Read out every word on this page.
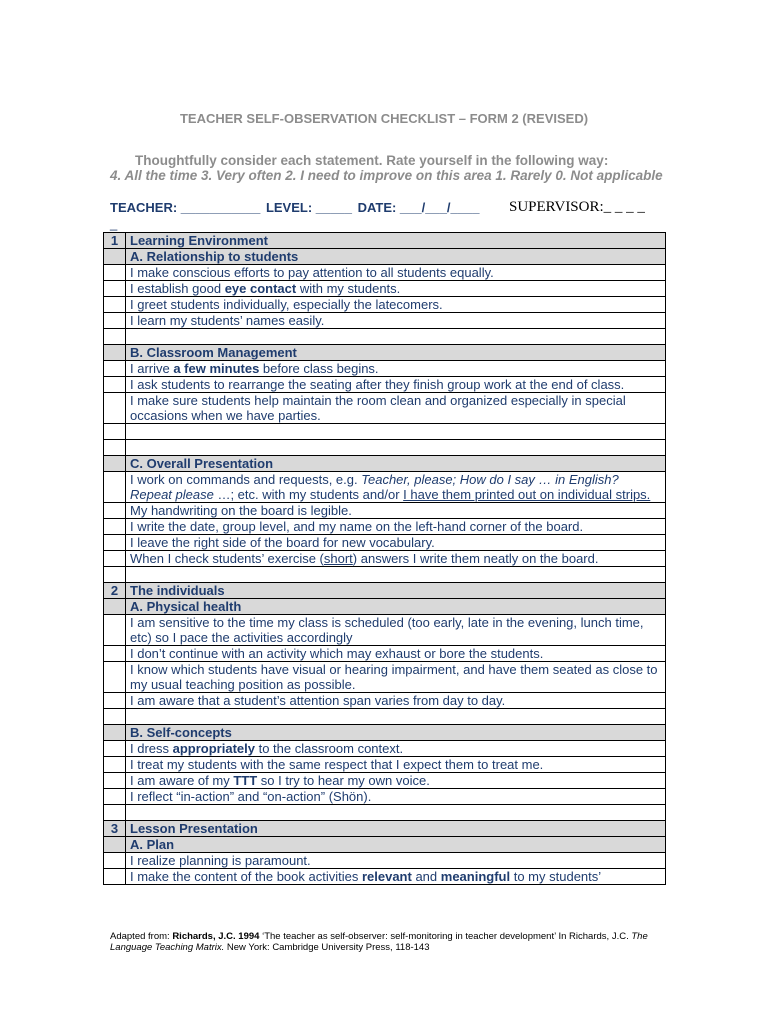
TEACHER SELF-OBSERVATION CHECKLIST – FORM 2 (REVISED)
Thoughtfully consider each statement. Rate yourself in the following way:
4. All the time 3. Very often 2. I need to improve on this area 1. Rarely 0. Not applicable
TEACHER: ___________ LEVEL: _____ DATE: ___/___/____ SUPERVISOR:_ _ _ _
_
1	Learning Environment
	A. Relationship to students
	I make conscious efforts to pay attention to all students equally.
	I establish good eye contact with my students.
	I greet students individually, especially the latecomers.
	I learn my students’ names easily.

	B. Classroom Management
	I arrive a few minutes before class begins.
	I ask students to rearrange the seating after they finish group work at the end of class.
	I make sure students help maintain the room clean and organized especially in special occasions when we have parties.

	C. Overall Presentation
	I work on commands and requests, e.g. Teacher, please; How do I say … in English? Repeat please …; etc. with my students and/or I have them printed out on individual strips.
	My handwriting on the board is legible.
	I write the date, group level, and my name on the left-hand corner of the board.
	I leave the right side of the board for new vocabulary.
	When I check students’ exercise (short) answers I write them neatly on the board.

2	The individuals
	A. Physical health
	I am sensitive to the time my class is scheduled (too early, late in the evening, lunch time, etc) so I pace the activities accordingly
	I don’t continue with an activity which may exhaust or bore the students.
	I know which students have visual or hearing impairment, and have them seated as close to my usual teaching position as possible.
	I am aware that a student’s attention span varies from day to day.

	B. Self-concepts
	I dress appropriately to the classroom context.
	I treat my students with the same respect that I expect them to treat me.
	I am aware of my TTT so I try to hear my own voice.
	I reflect “in-action” and “on-action” (Shön).

3	Lesson Presentation
	A. Plan
	I realize planning is paramount.
	I make the content of the book activities relevant and meaningful to my students’
Adapted from: Richards, J.C. 1994 ‘The teacher as self-observer: self-monitoring in teacher development’ In Richards, J.C. The Language Teaching Matrix. New York: Cambridge University Press, 118-143
